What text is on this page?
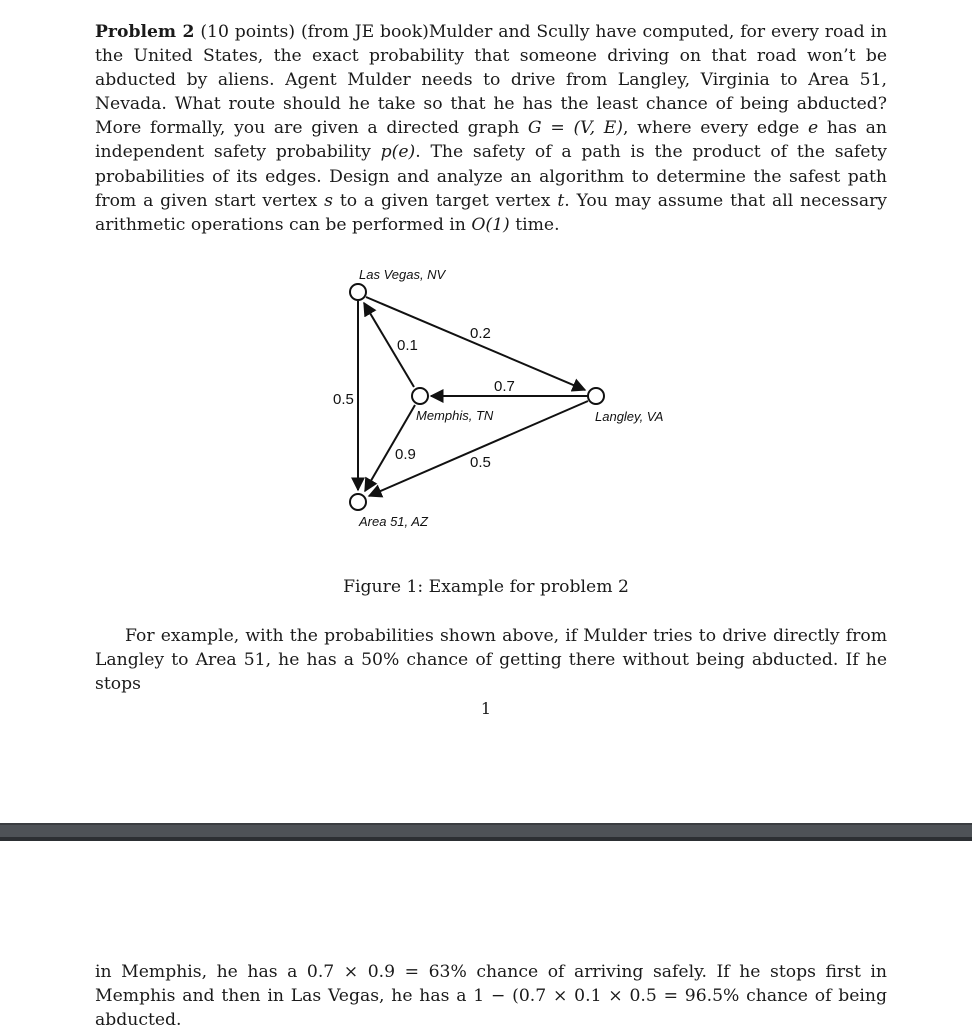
Problem 2 (10 points) (from JE book)Mulder and Scully have computed, for every road in the United States, the exact probability that someone driving on that road won’t be abducted by aliens. Agent Mulder needs to drive from Langley, Virginia to Area 51, Nevada. What route should he take so that he has the least chance of being abducted? More formally, you are given a directed graph G = (V, E), where every edge e has an independent safety probability p(e). The safety of a path is the product of the safety probabilities of its edges. Design and analyze an algorithm to determine the safest path from a given start vertex s to a given target vertex t. You may assume that all necessary arithmetic operations can be performed in O(1) time.

Las Vegas, NV
Memphis, TN	Langley, VA
Area 51, AZ
0.1
0.2
0.7
0.5
0.9	0.5
Figure 1: Example for problem 2

For example, with the probabilities shown above, if Mulder tries to drive directly from Langley to Area 51, he has a 50% chance of getting there without being abducted. If he stops

1

in Memphis, he has a 0.7 × 0.9 = 63% chance of arriving safely. If he stops first in Memphis and then in Las Vegas, he has a 1 − (0.7 × 0.1 × 0.5 = 96.5% chance of being abducted.
